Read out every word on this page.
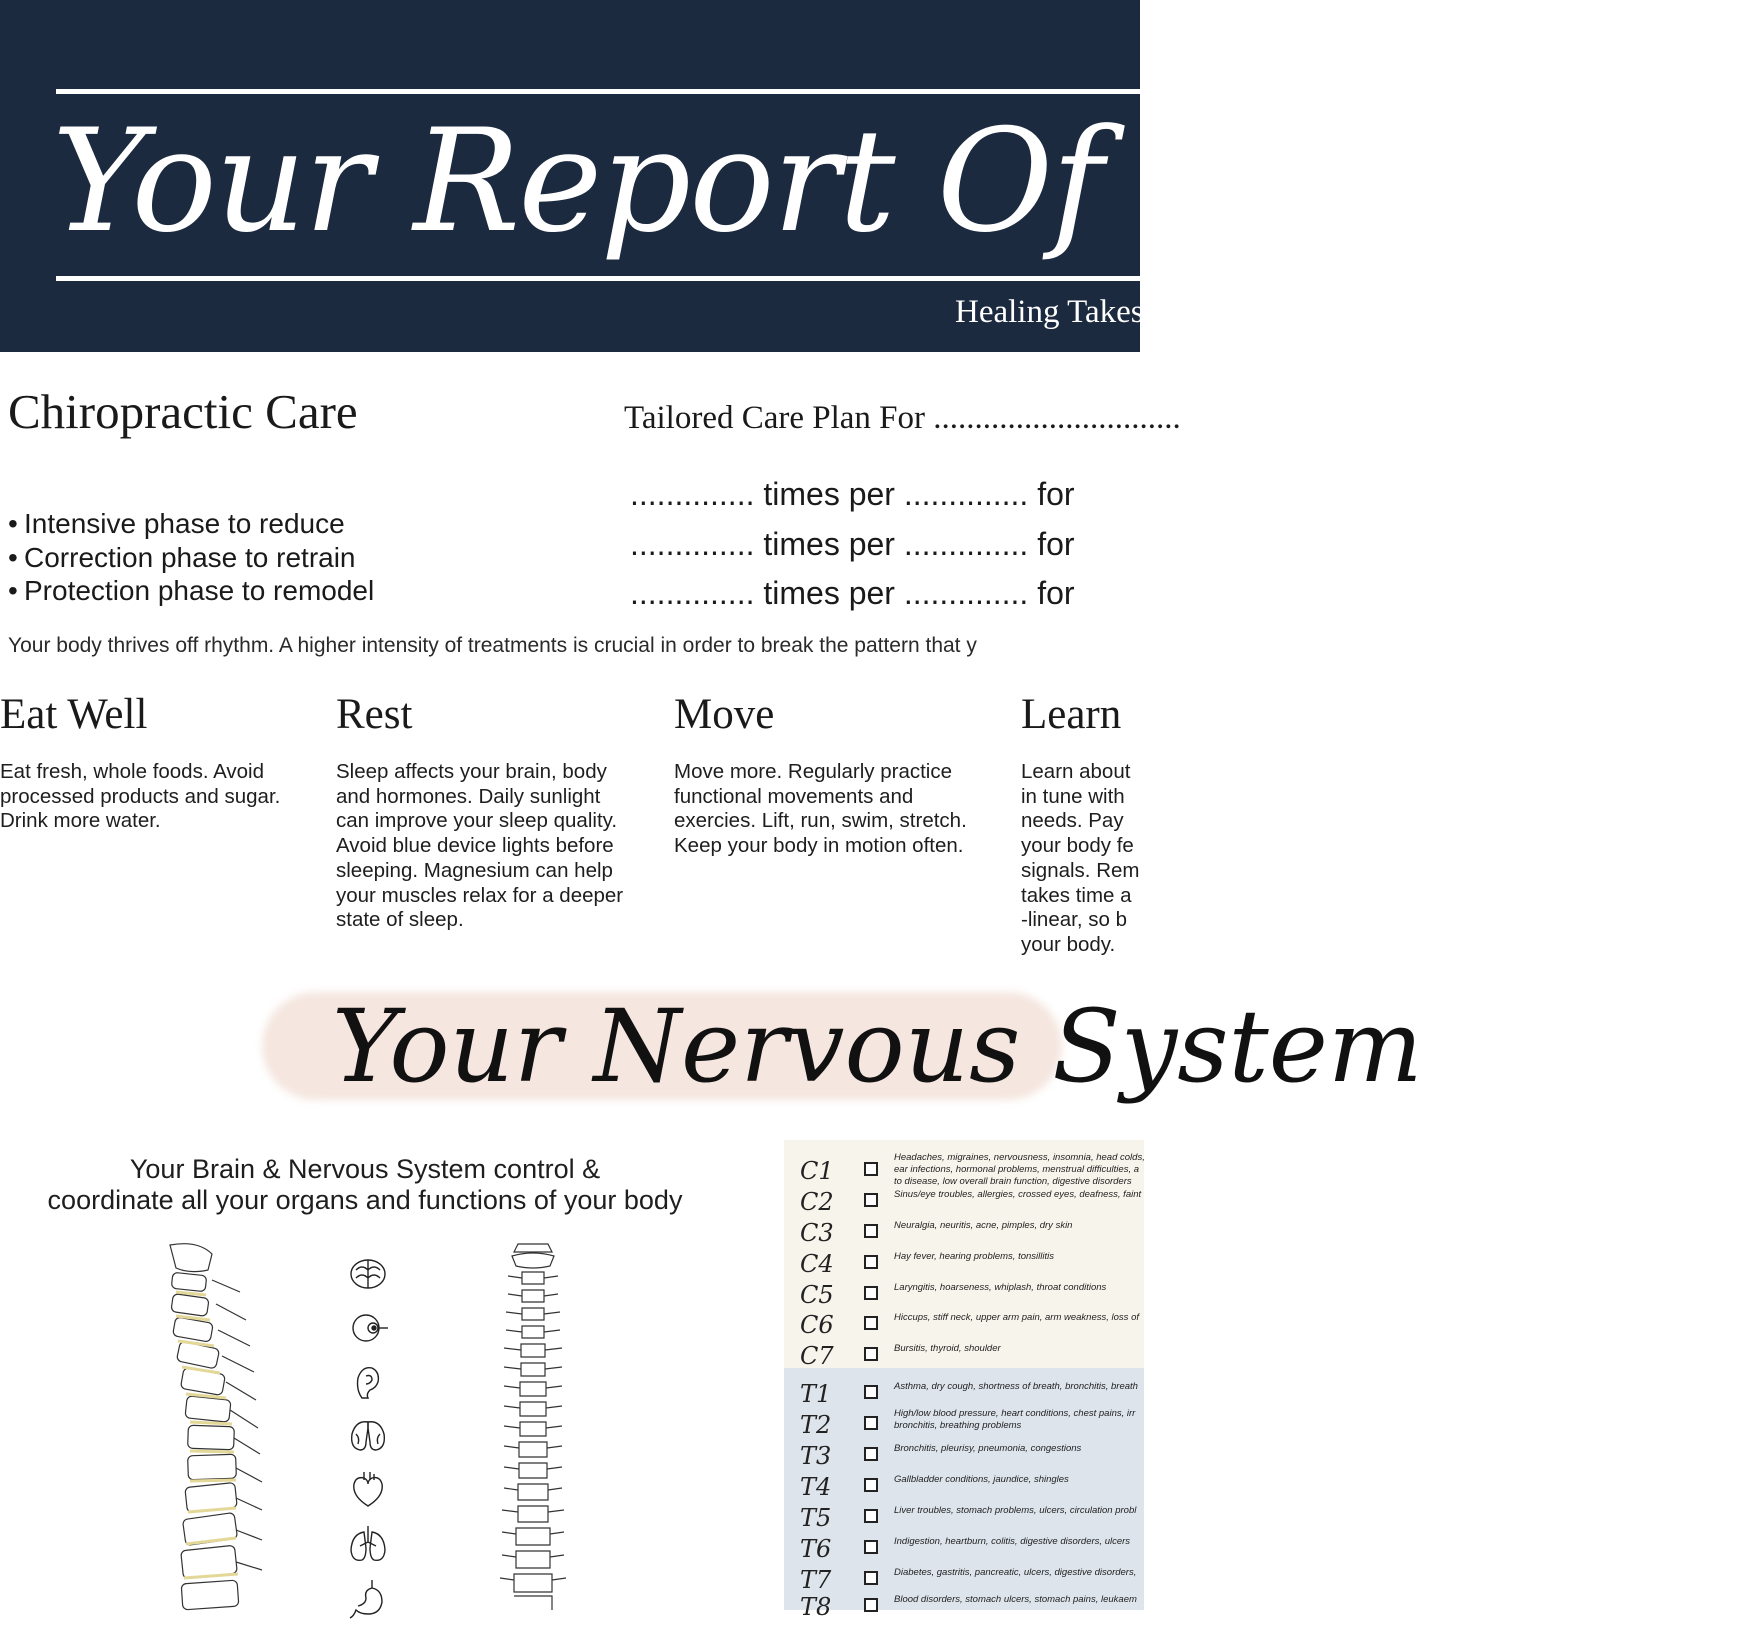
Your Report Of Findings
Healing Takes Time
Chiropractic Care	Tailored Care Plan For ..............................
• Intensive phase to reduce
• Correction phase to retrain
• Protection phase to remodel
.............. times per .............. for
.............. times per .............. for
.............. times per .............. for
Your body thrives off rhythm. A higher intensity of treatments is crucial in order to break the pattern that y
Eat Well

Eat fresh, whole foods. Avoid
processed products and sugar.
Drink more water.

Rest

Sleep affects your brain, body
and hormones. Daily sunlight
can improve your sleep quality.
Avoid blue device lights before
sleeping. Magnesium can help
your muscles relax for a deeper
state of sleep.

Move

Move more. Regularly practice
functional movements and
exercies. Lift, run, swim, stretch.
Keep your body in motion often.

Learn

Learn about
in tune with
needs. Pay
your body fe
signals. Rem
takes time a
-linear, so b
your body.

Your Nervous System
Your Brain & Nervous System control &
coordinate all your organs and functions of your body
C1	Headaches, migraines, nervousness, insomnia, head colds,
ear infections, hormonal problems, menstrual difficulties, a
to disease, low overall brain function, digestive disorders
C2	Sinus/eye troubles, allergies, crossed eyes, deafness, faint
C3	Neuralgia, neuritis, acne, pimples, dry skin
C4	Hay fever, hearing problems, tonsillitis
C5	Laryngitis, hoarseness, whiplash, throat conditions
C6	Hiccups, stiff neck, upper arm pain, arm weakness, loss of
C7	Bursitis, thyroid, shoulder
T1	Asthma, dry cough, shortness of breath, bronchitis, breath
T2	High/low blood pressure, heart conditions, chest pains, irr
bronchitis, breathing problems
T3	Bronchitis, pleurisy, pneumonia, congestions
T4	Gallbladder conditions, jaundice, shingles
T5	Liver troubles, stomach problems, ulcers, circulation probl
T6	Indigestion, heartburn, colitis, digestive disorders, ulcers
T7	Diabetes, gastritis, pancreatic, ulcers, digestive disorders,
T8	Blood disorders, stomach ulcers, stomach pains, leukaem
